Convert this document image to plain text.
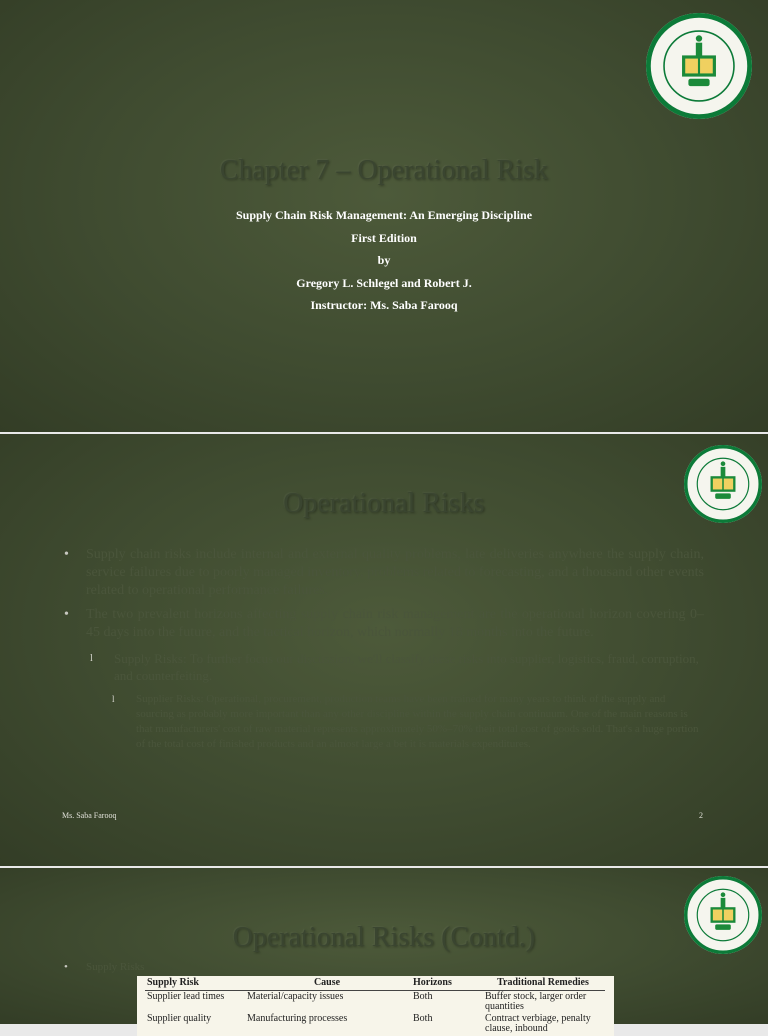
Chapter 7 – Operational Risk
Supply Chain Risk Management: An Emerging Discipline
First Edition
by
Gregory L. Schlegel and Robert J.
Instructor: Ms. Saba Farooq
Operational Risks
• Supply chain risks include internal and external quality problems, late deliveries anywhere the supply chain, service failures due to poorly managed inventory, problems related to forecasting, and a thousand other events related to operational performance failures.
• The two prevalent horizons affecting supply chain risk management are the operational horizon covering 0–45 days into the future, and the tactical horizon, which normally 18 months into the future.
l Supply Risks: To further focus our discussion, we'll classify these risks into supplier, logistics, fraud, corruption, and counterfeiting.
l Supplier Risks: Operational, procurement, production teams have been trained for many years to think of the supply and sourcing as probably more important than any other discipline within the supply chain continuum. One of the main reasons is that manufacturers' cost of raw material represents approximately 50%–70% their total cost of goods sold. That's a huge portion of the total cost of finished products and an almost large a bet it is materials expenditures.
Ms. Saba Farooq	2
Operational Risks (Contd.)
• Supply Risks
Supply Risk	Cause	Horizons	Traditional Remedies
Supplier lead times	Material/capacity issues	Both	Buffer stock, larger order quantities
Supplier quality	Manufacturing processes	Both	Contract verbiage, penalty clause, inbound
